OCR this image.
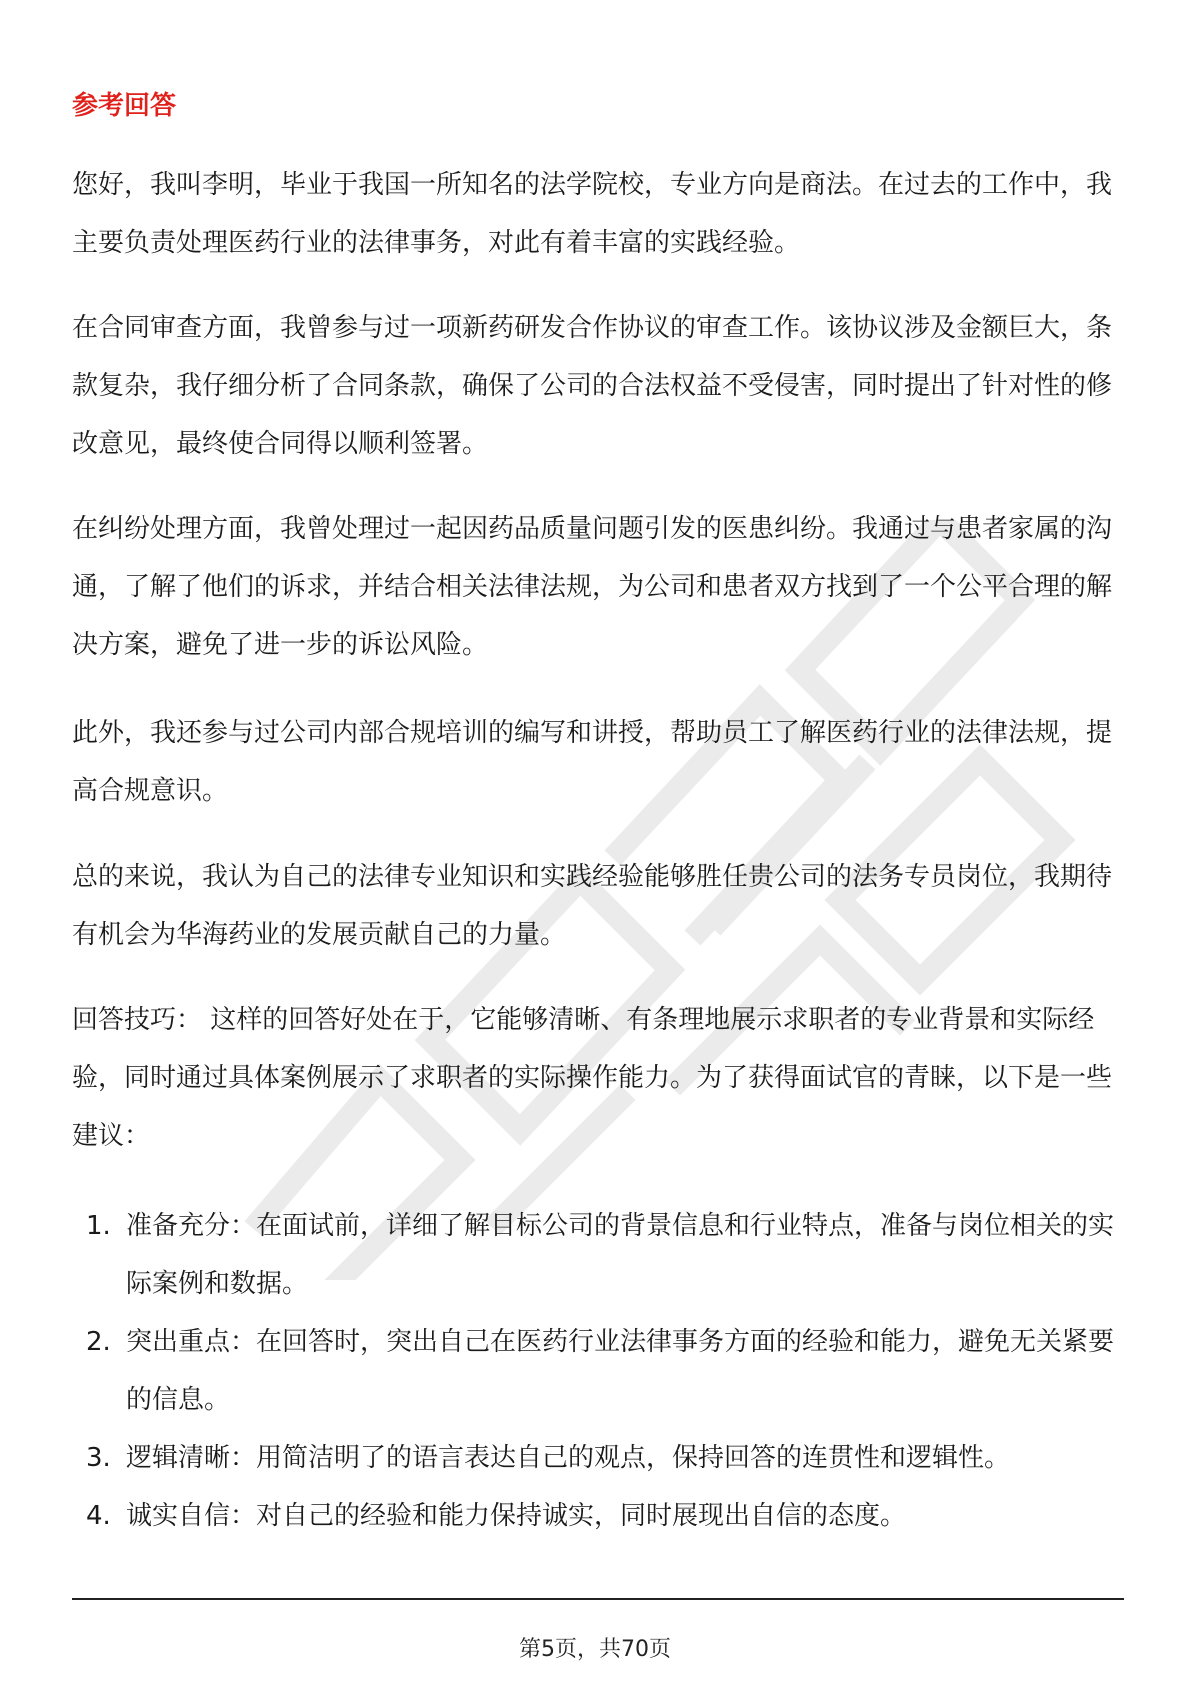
参考回答

您好，我叫李明，毕业于我国一所知名的法学院校，专业方向是商法。在过去的工作中，我主要负责处理医药行业的法律事务，对此有着丰富的实践经验。

在合同审查方面，我曾参与过一项新药研发合作协议的审查工作。该协议涉及金额巨大，条款复杂，我仔细分析了合同条款，确保了公司的合法权益不受侵害，同时提出了针对性的修改意见，最终使合同得以顺利签署。

在纠纷处理方面，我曾处理过一起因药品质量问题引发的医患纠纷。我通过与患者家属的沟通，了解了他们的诉求，并结合相关法律法规，为公司和患者双方找到了一个公平合理的解决方案，避免了进一步的诉讼风险。

此外，我还参与过公司内部合规培训的编写和讲授，帮助员工了解医药行业的法律法规，提高合规意识。

总的来说，我认为自己的法律专业知识和实践经验能够胜任贵公司的法务专员岗位，我期待有机会为华海药业的发展贡献自己的力量。

回答技巧： 这样的回答好处在于，它能够清晰、有条理地展示求职者的专业背景和实际经验，同时通过具体案例展示了求职者的实际操作能力。为了获得面试官的青睐，以下是一些建议：

1. 准备充分：在面试前，详细了解目标公司的背景信息和行业特点，准备与岗位相关的实际案例和数据。
2. 突出重点：在回答时，突出自己在医药行业法律事务方面的经验和能力，避免无关紧要的信息。
3. 逻辑清晰：用简洁明了的语言表达自己的观点，保持回答的连贯性和逻辑性。
4. 诚实自信：对自己的经验和能力保持诚实，同时展现出自信的态度。
第5页，共70页
